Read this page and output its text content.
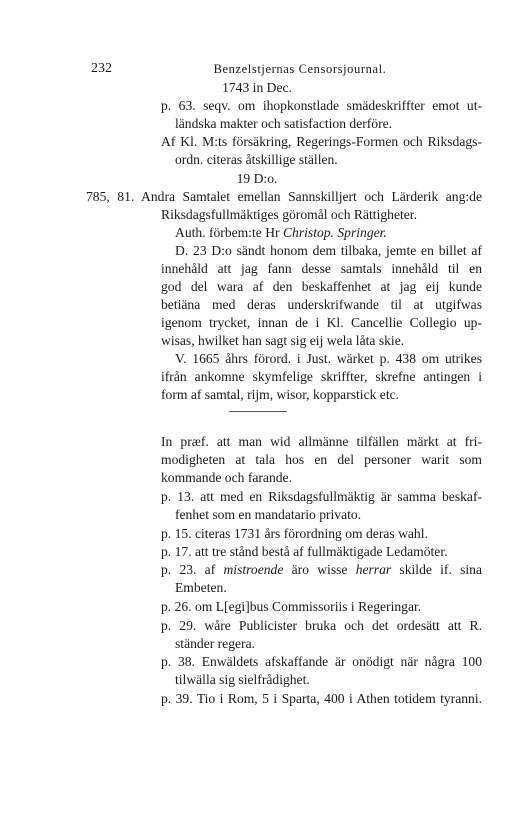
232	Benzelstjernas Censorsjournal.
1743 in Dec.
p. 63. seqv. om ihopkonstlade smädeskriffter emot ut-
ländska makter och satisfaction derföre.
Af Kl. M:ts försäkring, Regerings-Formen och Riksdags-
ordn. citeras åtskillige ställen.
19 D:o.
785, 81. Andra Samtalet emellan Sannskilljert och Lärderik ang:de
Riksdagsfullmäktiges göromål och Rättigheter.
Auth. förbem:te Hr Christop. Springer.
D. 23 D:o sändt honom dem tilbaka, jemte en billet af
innehåld att jag fann desse samtals innehåld til en
god del wara af den beskaffenhet at jag eij kunde
betiäna med deras underskrifwande til at utgifwas
igenom trycket, innan de i Kl. Cancellie Collegio up-
wisas, hwilket han sagt sig eij wela låta skie.
V. 1665 åhrs förord. i Just. wärket p. 438 om utrikes
ifrån ankomne skymfelige skriffter, skrefne antingen i
form af samtal, rijm, wisor, kopparstick etc.
In præf. att man wid allmänne tilfällen märkt at fri-
modigheten at tala hos en del personer warit som
kommande och farande.
p. 13. att med en Riksdagsfullmäktig är samma beskaf-
fenhet som en mandatario privato.
p. 15. citeras 1731 års förordning om deras wahl.
p. 17. att tre stånd bestå af fullmäktigade Ledamöter.
p. 23. af mistroende äro wisse herrar skilde if. sina
Embeten.
p. 26. om L[egi]bus Commissoriis i Regeringar.
p. 29. wåre Publicister bruka och det ordesätt att R.
ständer regera.
p. 38. Enwäldets afskaffande är onödigt när några 100
tilwälla sig sielfrådighet.
p. 39. Tio i Rom, 5 i Sparta, 400 i Athen totidem tyranni.
